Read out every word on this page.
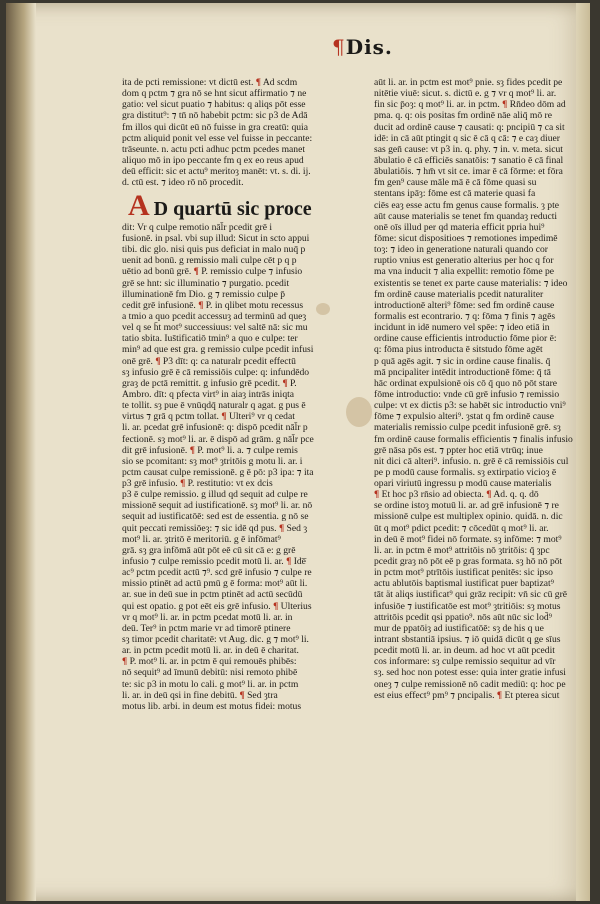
¶Dis.
ita de pcti remissione: vt dictū est. ¶ Ad scdm
dom q pctm ⁊ gra nō se hnt sicut affirmatio ⁊ ne
gatio: vel sicut puatio ⁊ habitus: q aliqs pōt esse
gra distitut⁹: ⁊ tn̄ nō habebit pctm: sic p3 de Adā
fm illos qui dicūt eū nō fuisse in gra creatū: quia
pctm aliquid ponit vel esse vel fuisse in peccante:
trāseunte. n. actu pcti adhuc pctm pcedes manet
aliquo mō in ipo peccante fm q ex eo reus apud
deū efficit: sic et actu⁹ meritoȝ manēt: vt. s. di. ij.
d. ctū est. ⁊ ideo rō nō procedit.
dit: Vr q culpe remotio nāl̄r pcedit grē i
fusionē. in psal. vbi sup illud: Sicut in scto appui
tibi. dic glo. nisi quis pus deficiat in malo nuq̄ p
uenit ad bonū. g remissio mali culpe cēt p q p
uētio ad bonū grē. ¶ P. remissio culpe ⁊ infusio
grē se hnt: sic illuminatio ⁊ purgatio. pcedit
illuminationē fm Dio. g ⁊ remissio culpe p̄
cedit grē infusionē. ¶ P. in qlibet motu recessus
a tmio a quo pcedit accessuȝ ad terminū ad queȝ
vel q se h̄t mot⁹ successiuus: vel saltē nā: sic mu
tatio sbita. Ius̄tificatiō tmin⁹ a quo e culpe: ter
min⁹ ad que est gra. g remissio culpe pcedit infusi
onē grē. ¶ P3 dīt: q: ca naturalr pcedit effectū
sȝ infusio grē ē cā remissiōis culpe: q: infundēdo
graȝ de pctā remittit. g infusio grē pcedit. ¶ P.
Ambro. dīt: q pfecta virt⁹ in aiaȝ intrās iniqta
te tollit. sȝ pue ē vnūqdq̄ naturalr q agat. g pus ē
virtus ⁊ grā q pctm tollat. ¶ Ulteri⁹ vr q cedat
li. ar. pcedat grē infusionē: q: dispō pcedit nāl̄r p
fectionē. sȝ mot⁹ li. ar. ē dispō ad grām. g nāl̄r pce
dit grē infusionē. ¶ P. mot⁹ li. a. ⁊ culpe remis
sio se pcomitant: sȝ mot⁹ ȝtritōis g motu li. ar. i
pctm causat culpe remissionē. g ē pō: p3 ipa: ⁊ ita
p3 grē infusio. ¶ P. restitutio: vt ex dcis
p3 ē culpe remissio. g illud qd sequit ad culpe re
missionē sequit ad iustificationē. sȝ mot⁹ li. ar. nō
sequit ad iustificatōē: sed est de essentia. g nō se
quit peccati remissiōeȝ: ⁊ sic idē qd pus. ¶ Sed ȝ
mot⁹ li. ar. ȝtritō ē meritoriū. g ē infōmat⁹
grā. sȝ gra infōmā aūt pōt eē cū sit cā e: g grē
infusio ⁊ culpe remissio pcedit motū li. ar. ¶ Ide̅
ac⁹ pctm pcedit actū ⁊⁹. scd grē infusio ⁊ culpe re
missio ptinēt ad actū pmū g ē forma: mot⁹ aūt li.
ar. sue in deū sue in pctm ptinēt ad actū secūdū
qui est opatio. g pot eēt eis grē infusio. ¶ Ulterius
vr q mot⁹ li. ar. in pctm pcedat motū li. ar. in
deū. Ter⁹ in pctm marie vr ad timorē ptinere
sȝ timor pcedit charitatē: vt Aug. dic. g ⁊ mot⁹ li.
ar. in pctm pcedit motū li. ar. in deū ē charitat.
¶ P. mot⁹ li. ar. in pctm ē qui remouēs phibēs:
nō sequit⁹ ad īmunū debitū: nisi remoto phibē
te: sic p3 in motu lo cali. g mot⁹ li. ar. in pctm
li. ar. in deū qsi in fine debitū. ¶ Sed ȝtra
motus lib. arbi. in deum est motus fidei: motus
A D quartū sic proce
aūt li. ar. in pctm est mot⁹ pnie. sȝ fides pcedit pe
nitētie viuē: sicut. s. dictū e. g ⁊ vr q mot⁹ li. ar.
fin sic p̄oȝ: q mot⁹ li. ar. in pctm. ¶ Rn̄deo dōm ad
pma. q. q: ois positas fm ordinē nāe aliq̄ mō re
ducit ad ordinē cause ⁊ causati: q: pncipiū ⁊ ca sit
idē: in cā aūt ptingit q sic ē cā q cā: ⁊ e caȝ diuer
sas gen̄ cause: vt p3 in. q. phy. ⁊ in. v. meta. sicut
ābulatio ē cā efficiēs sanatōis: ⁊ sanatio ē cā final
ābulatiōis. ⁊ hm̄ vt sit ce. imar ē cā fōrme: et fōra
fm gen⁹ cause māle mā ē cā fōme quasi su
stentans ipāȝ: fōme est cā materie quasi fa
ciēs eaȝ esse actu fm genus cause formalis. ȝ pte
aūt cause materialis se tenet fm quandaȝ reducti
onē oīs illud per qd materia efficit ppria hui⁹
fōme: sicut dispositioes ⁊ remotiones impedimē
toȝ: ⁊ ideo in generatione naturali quando cor
ruptio vnius est generatio alterius per hoc q for
ma vna inducit ⁊ alia expellit: remotio fōme pe
existentis se tenet ex parte cause materialis: ⁊ ideo
fm ordinē cause materialis pcedit naturaliter
introductionē alteri⁹ fōme: sed fm ordinē cause
formalis est econtrario. ⁊ q: fōma ⁊ finis ⁊ agēs
incidunt in idē numero vel spēe: ⁊ ideo etiā in
ordine cause efficientis introductio fōme pior ē:
q: fōma pius introducta ē sitstudo fōme agēt
p quā agēs agit. ⁊ sic in ordine cause finalis. q̄
mā pncipaliter intēdit introductionē fōme: q̄ tā
hāc ordinat expulsionē ois cō q̄ quo nō pōt stare
fōme introductio: vnde cū grē infusio ⁊ remissio
culpe: vt ex dictis p3: se habēt sic introductio vni⁹
fōme ⁊ expulsio alteri⁹. ȝstat q fm ordinē cause
materialis remissio culpe pcedit infusionē grē. sȝ
fm ordinē cause formalis efficientis ⁊ finalis infusio
grē nāsa pōs est. ⁊ ppter hoc etiā vtrūq; inue
nit dici cā alteri⁹. infusio. n. grē ē cā remissiōis cul
pe p modū cause formalis. sȝ extirpatio vicioȝ ē
opari viriutū ingressu p modū cause materialis
¶ Et hoc p3 rn̄sio ad obiecta. ¶ Ad. q. q. dō
se ordine istoȝ motuū li. ar. ad grē infusionē ⁊ re
missionē culpe est multiplex opinio. quidā. n. dic
ūt q mot⁹ pdict pcedit: ⁊ cōcedūt q mot⁹ li. ar.
in deū ē mot⁹ fidei nō formate. sȝ infōme: ⁊ mot⁹
li. ar. in pctm ē mot⁹ attritōis nō ȝtritōis: q̄ ȝpc
pcedit graȝ nō pōt eē p gras formata. sȝ hō nō pōt
in pctm mot⁹ ptrītōis iustificat penitēs: sic ipso
actu ablutōis baptismal iustificat puer baptizat⁹
tāt ät aliqs iustificat⁹ qui grāz recipit: vn̄ sic cū grē
infusiōe ⁊ iustificatōe est mot⁹ ȝtritiōis: sȝ motus
attritōis pcedit qsi ppatio⁹. nōs aūt nūc sic lod̄⁹
mur de ppatōiȝ ad iustificatōē: sȝ de his q ue
intrant sbstantiā ipsius. ⁊ iō quidā dicūt q ge sīus
pcedit motū li. ar. in deum. ad hoc vt aūt pcedit
cos informare: sȝ culpe remissio sequitur ad vīr
sȝ. sed hoc non potest esse: quia inter gratie infusi
oneȝ ⁊ culpe remissionē nō cadit mediū: q: hoc pe
est eius effect⁹ pm⁹ ⁊ pncipalis. ¶ Et pterea sicut
